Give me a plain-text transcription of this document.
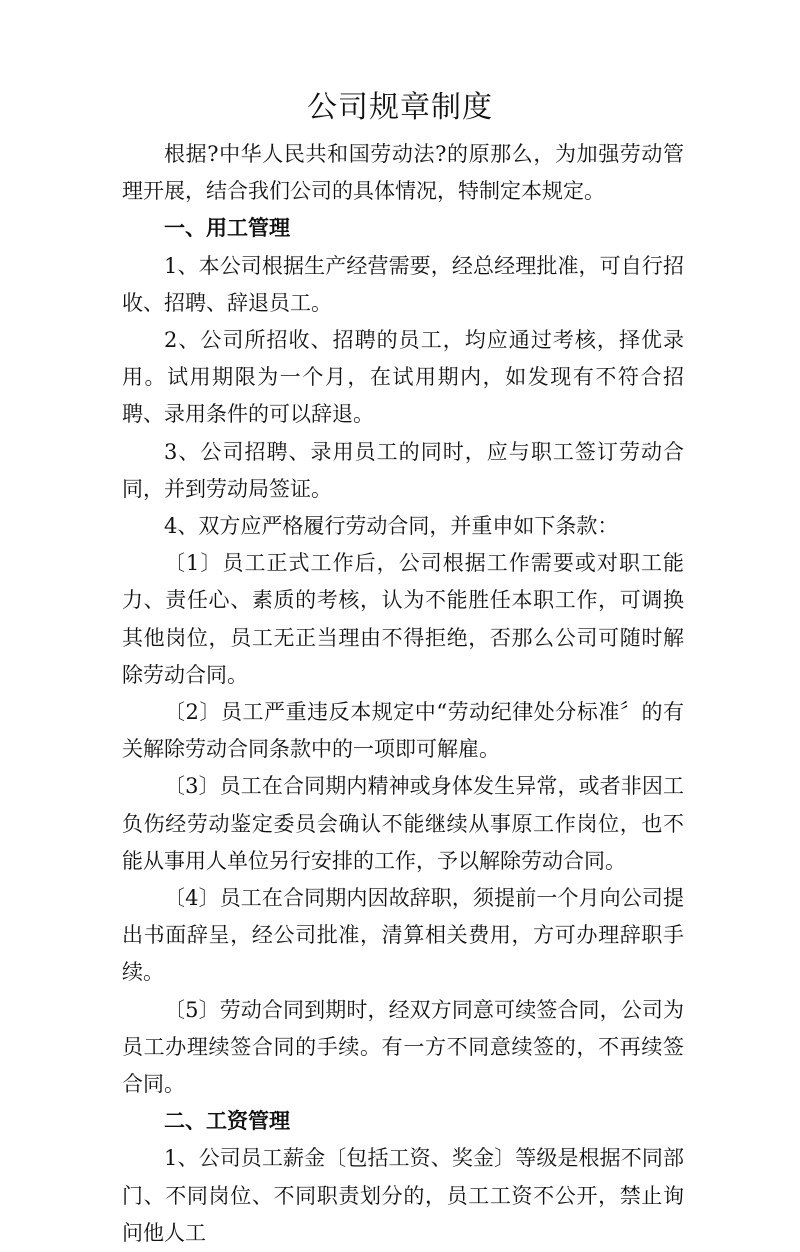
公司规章制度

根据?中华人民共和国劳动法?的原那么，为加强劳动管理开展，结合我们公司的具体情况，特制定本规定。

一、用工管理

1、本公司根据生产经营需要，经总经理批准，可自行招收、招聘、辞退员工。

2、公司所招收、招聘的员工，均应通过考核，择优录用。试用期限为一个月，在试用期内，如发现有不符合招聘、录用条件的可以辞退。

3、公司招聘、录用员工的同时，应与职工签订劳动合同，并到劳动局签证。

4、双方应严格履行劳动合同，并重申如下条款：

〔1〕员工正式工作后，公司根据工作需要或对职工能力、责任心、素质的考核，认为不能胜任本职工作，可调换其他岗位，员工无正当理由不得拒绝，否那么公司可随时解除劳动合同。

〔2〕员工严重违反本规定中“劳动纪律处分标准〞的有关解除劳动合同条款中的一项即可解雇。

〔3〕员工在合同期内精神或身体发生异常，或者非因工负伤经劳动鉴定委员会确认不能继续从事原工作岗位，也不能从事用人单位另行安排的工作，予以解除劳动合同。

〔4〕员工在合同期内因故辞职，须提前一个月向公司提出书面辞呈，经公司批准，清算相关费用，方可办理辞职手续。

〔5〕劳动合同到期时，经双方同意可续签合同，公司为员工办理续签合同的手续。有一方不同意续签的，不再续签合同。

二、工资管理

1、公司员工薪金〔包括工资、奖金〕等级是根据不同部门、不同岗位、不同职责划分的，员工工资不公开，禁止询问他人工
